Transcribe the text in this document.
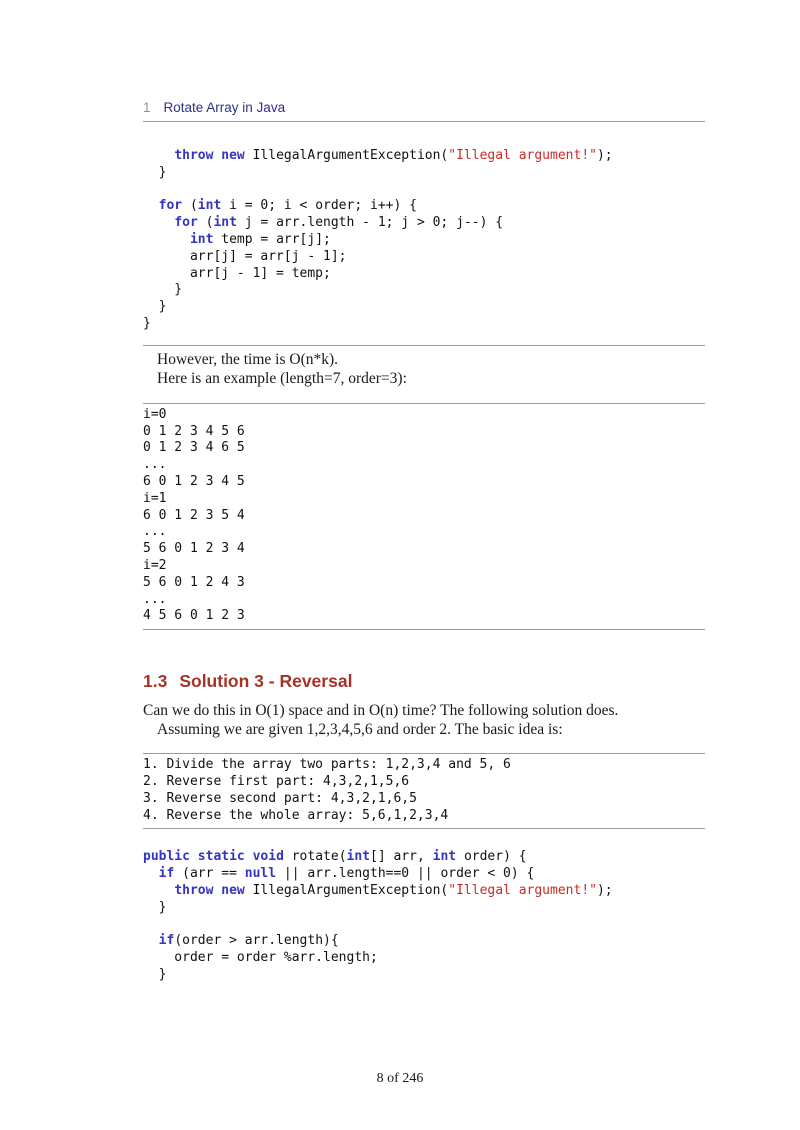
1 Rotate Array in Java
throw new IllegalArgumentException("Illegal argument!");
}

for (int i = 0; i < order; i++) {
for (int j = arr.length - 1; j > 0; j--) {
int temp = arr[j];
arr[j] = arr[j - 1];
arr[j - 1] = temp;
}
}
}

However, the time is O(n*k).

Here is an example (length=7, order=3):

i=0
0 1 2 3 4 5 6
0 1 2 3 4 6 5
...
6 0 1 2 3 4 5
i=1
6 0 1 2 3 5 4
...
5 6 0 1 2 3 4
i=2
5 6 0 1 2 4 3
...
4 5 6 0 1 2 3
1.3 Solution 3 - Reversal

Can we do this in O(1) space and in O(n) time? The following solution does.

Assuming we are given 1,2,3,4,5,6 and order 2. The basic idea is:

1. Divide the array two parts: 1,2,3,4 and 5, 6
2. Reverse first part: 4,3,2,1,5,6
3. Reverse second part: 4,3,2,1,6,5
4. Reverse the whole array: 5,6,1,2,3,4
public static void rotate(int[] arr, int order) {
if (arr == null || arr.length==0 || order < 0) {
throw new IllegalArgumentException("Illegal argument!");
}

if(order > arr.length){
order = order %arr.length;
}
8 of 246
